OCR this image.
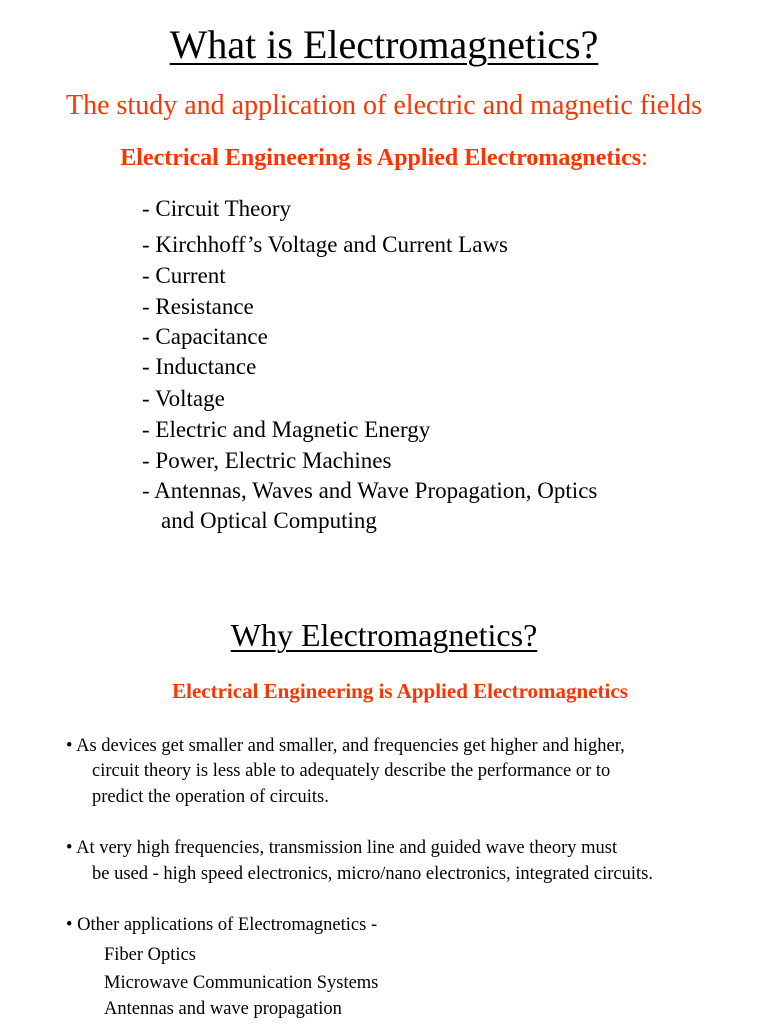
What is Electromagnetics?
The study and application of electric and magnetic fields
Electrical Engineering is Applied Electromagnetics:
- Circuit Theory
- Kirchhoff’s Voltage and Current Laws
- Current
- Resistance
- Capacitance
- Inductance
- Voltage
- Electric and Magnetic Energy
- Power, Electric Machines
- Antennas, Waves and Wave Propagation, Optics
and Optical Computing
Why Electromagnetics?
Electrical Engineering is Applied Electromagnetics
• As devices get smaller and smaller, and frequencies get higher and higher,
circuit theory is less able to adequately describe the performance or to
predict the operation of circuits.
• At very high frequencies, transmission line and guided wave theory must
be used - high speed electronics, micro/nano electronics, integrated circuits.
• Other applications of Electromagnetics -
Fiber Optics
Microwave Communication Systems
Antennas and wave propagation
